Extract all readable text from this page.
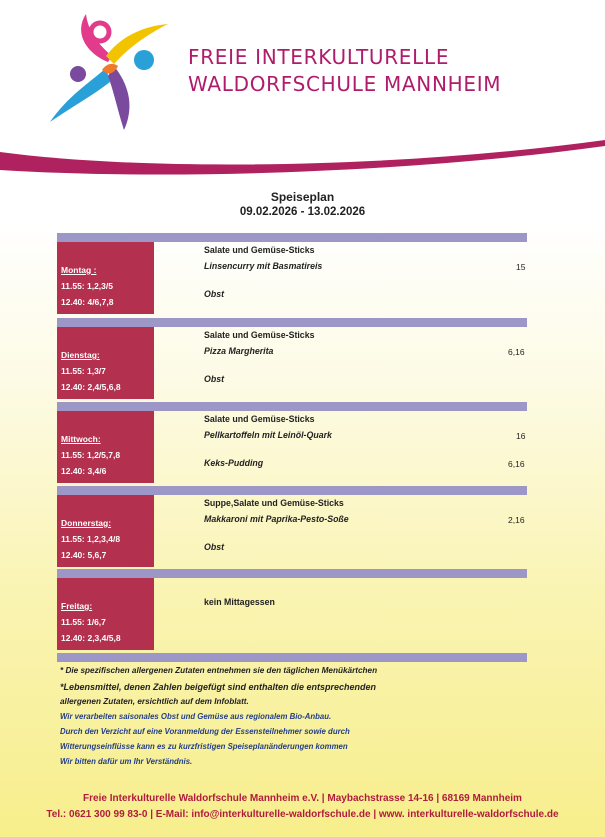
FREIE INTERKULTURELLE
WALDORFSCHULE MANNHEIM
Speiseplan
09.02.2026 - 13.02.2026
Montag :
11.55: 1,2,3/5
12.40: 4/6,7,8
Salate und Gemüse-Sticks
Linsencurry mit Basmatireis	15
Obst
Dienstag:
11.55: 1,3/7
12.40: 2,4/5,6,8
Salate und Gemüse-Sticks
Pizza Margherita	6,16
Obst
Mittwoch:
11.55: 1,2/5,7,8
12.40: 3,4/6
Salate und Gemüse-Sticks
Pellkartoffeln mit Leinöl-Quark	16
Keks-Pudding	6,16
Donnerstag:
11.55: 1,2,3,4/8
12.40: 5,6,7
Suppe,Salate und Gemüse-Sticks
Makkaroni mit Paprika-Pesto-Soße	2,16
Obst
Freitag:
11.55: 1/6,7
12.40: 2,3,4/5,8
kein Mittagessen
* Die spezifischen allergenen Zutaten entnehmen sie den täglichen Menükärtchen
*Lebensmittel, denen Zahlen beigefügt sind enthalten die entsprechenden
allergenen Zutaten, ersichtlich auf dem Infoblatt.
Wir verarbeiten saisonales Obst und Gemüse aus regionalem Bio-Anbau.
Durch den Verzicht auf eine Voranmeldung der Essensteilnehmer sowie durch
Witterungseinflüsse kann es zu kurzfristigen Speiseplanänderungen kommen
Wir bitten dafür um Ihr Verständnis.
Freie Interkulturelle Waldorfschule Mannheim e.V. | Maybachstrasse 14-16 | 68169 Mannheim
Tel.: 0621 300 99 83-0 | E-Mail: info@interkulturelle-waldorfschule.de | www. interkulturelle-waldorfschule.de
